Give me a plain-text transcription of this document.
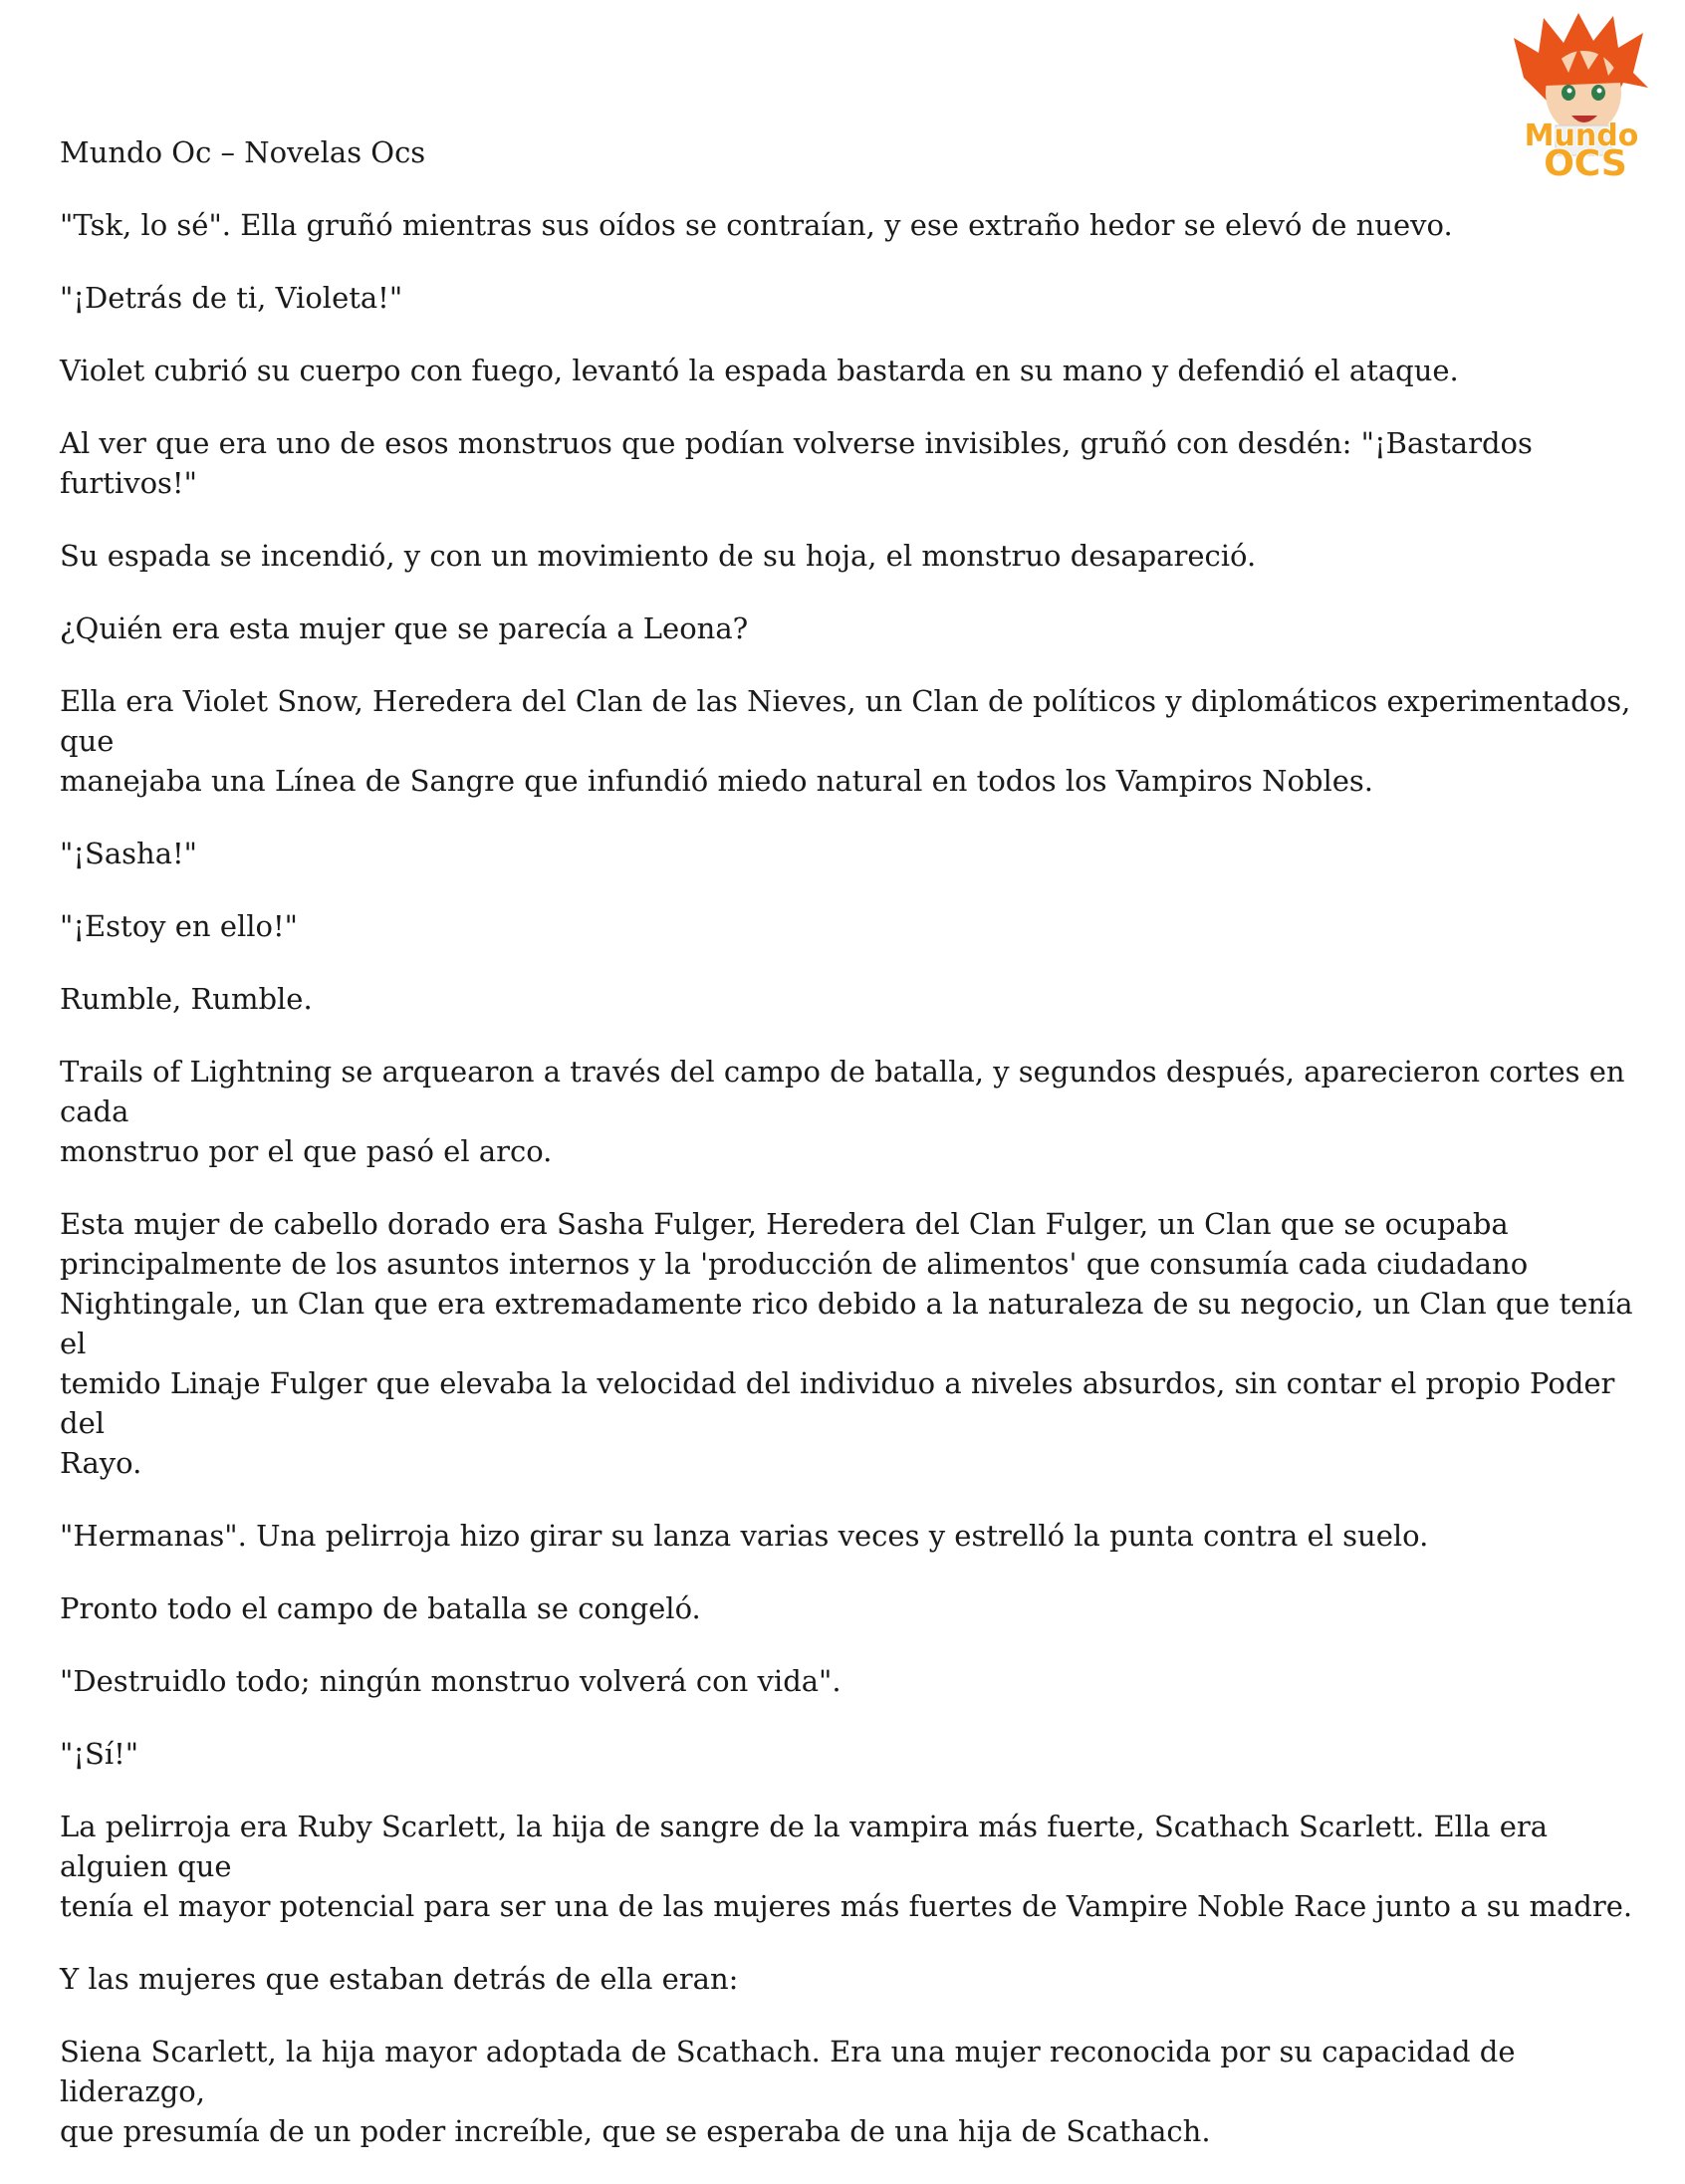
Mundo
OCS
Mundo Oc – Novelas Ocs

"Tsk, lo sé". Ella gruñó mientras sus oídos se contraían, y ese extraño hedor se elevó de nuevo.

"¡Detrás de ti, Violeta!"

Violet cubrió su cuerpo con fuego, levantó la espada bastarda en su mano y defendió el ataque.

Al ver que era uno de esos monstruos que podían volverse invisibles, gruñó con desdén: "¡Bastardos furtivos!"

Su espada se incendió, y con un movimiento de su hoja, el monstruo desapareció.

¿Quién era esta mujer que se parecía a Leona?

Ella era Violet Snow, Heredera del Clan de las Nieves, un Clan de políticos y diplomáticos experimentados, que
manejaba una Línea de Sangre que infundió miedo natural en todos los Vampiros Nobles.

"¡Sasha!"

"¡Estoy en ello!"

Rumble, Rumble.

Trails of Lightning se arquearon a través del campo de batalla, y segundos después, aparecieron cortes en cada
monstruo por el que pasó el arco.

Esta mujer de cabello dorado era Sasha Fulger, Heredera del Clan Fulger, un Clan que se ocupaba
principalmente de los asuntos internos y la 'producción de alimentos' que consumía cada ciudadano
Nightingale, un Clan que era extremadamente rico debido a la naturaleza de su negocio, un Clan que tenía el
temido Linaje Fulger que elevaba la velocidad del individuo a niveles absurdos, sin contar el propio Poder del
Rayo.

"Hermanas". Una pelirroja hizo girar su lanza varias veces y estrelló la punta contra el suelo.

Pronto todo el campo de batalla se congeló.

"Destruidlo todo; ningún monstruo volverá con vida".

"¡Sí!"

La pelirroja era Ruby Scarlett, la hija de sangre de la vampira más fuerte, Scathach Scarlett. Ella era alguien que
tenía el mayor potencial para ser una de las mujeres más fuertes de Vampire Noble Race junto a su madre.

Y las mujeres que estaban detrás de ella eran:

Siena Scarlett, la hija mayor adoptada de Scathach. Era una mujer reconocida por su capacidad de liderazgo,
que presumía de un poder increíble, que se esperaba de una hija de Scathach.
